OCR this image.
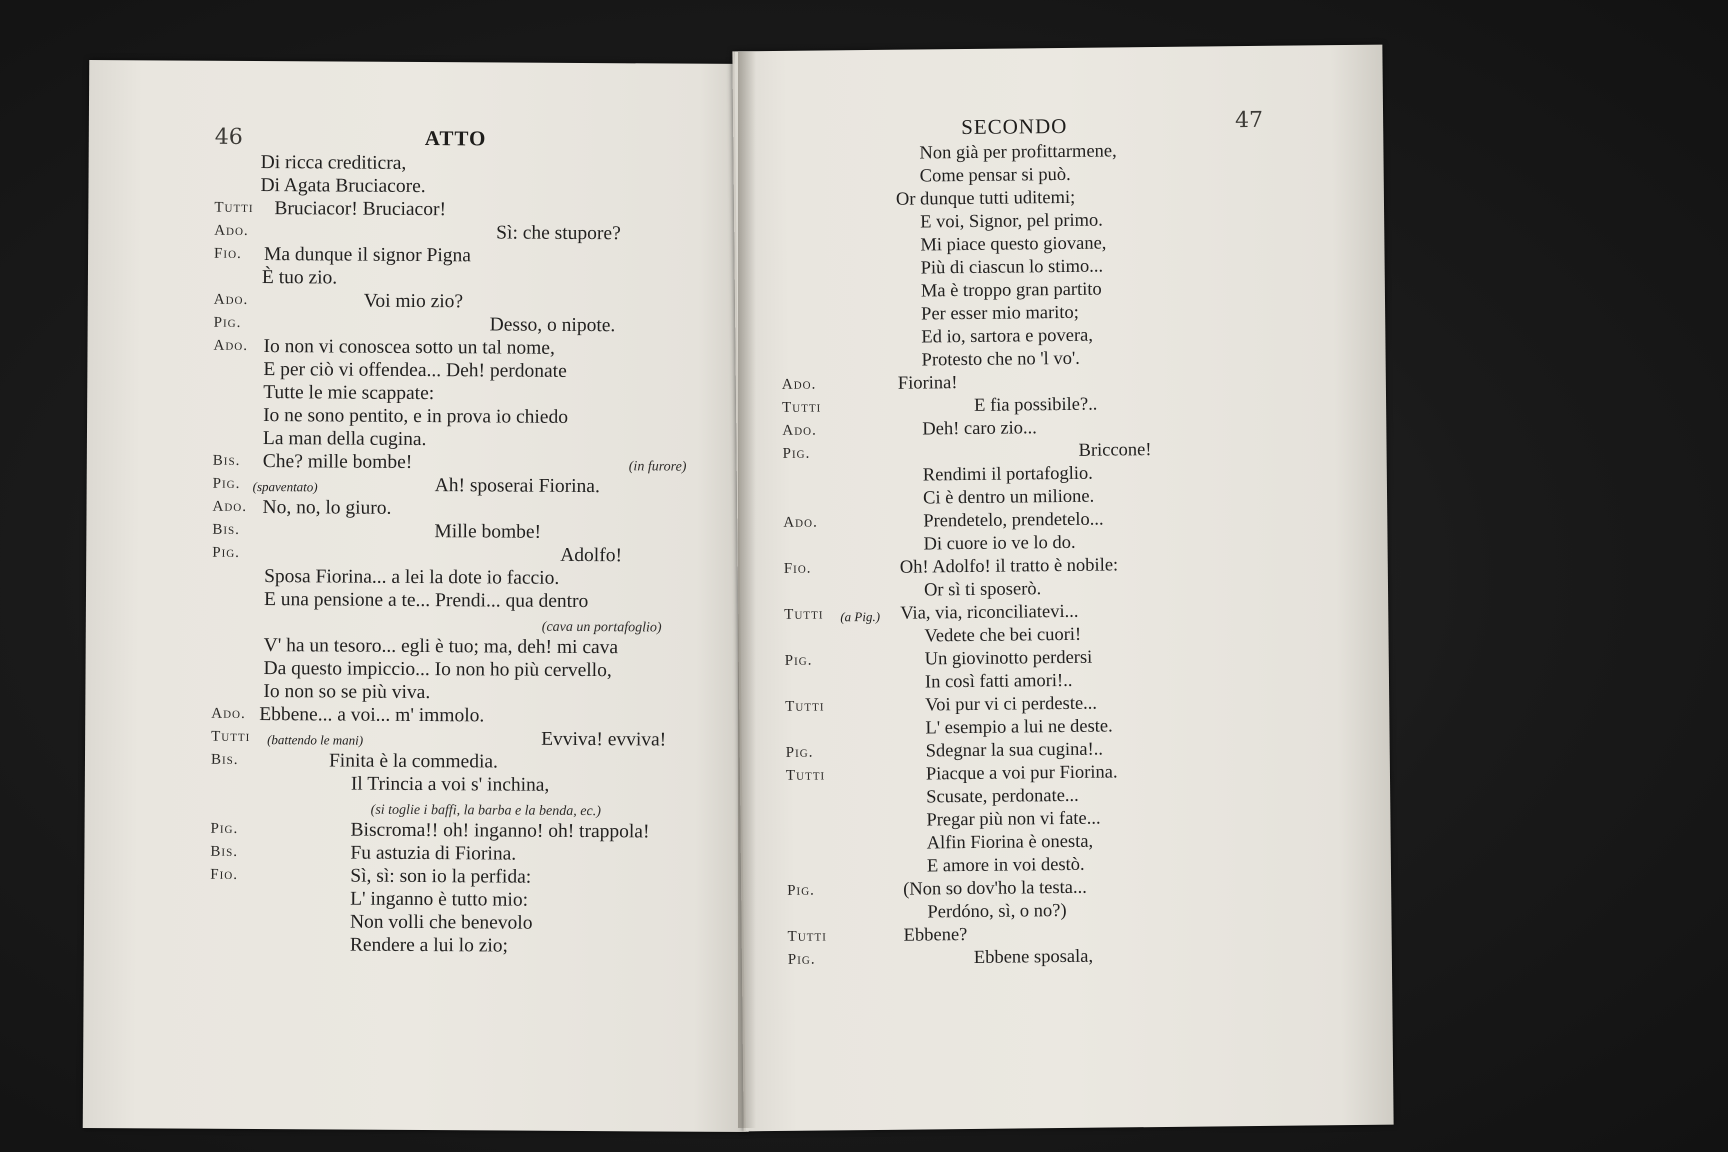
46	ATTO
Di ricca crediticra,
Di Agata Bruciacore.
Tutti Bruciacor! Bruciacor!
Ado.	Sì: che stupore?
Fio. Ma dunque il signor Pigna
È tuo zio.
Ado.	Voi mio zio?
Pig.	Desso, o nipote.
Ado. Io non vi conoscea sotto un tal nome,
E per ciò vi offendea... Deh! perdonate
Tutte le mie scappate:
Io ne sono pentito, e in prova io chiedo
La man della cugina.
Bis. Che? mille bombe!	(in furore)
Pig. (spaventato)	Ah! sposerai Fiorina.
Ado. No, no, lo giuro.
Bis.	Mille bombe!
Pig.	Adolfo!
Sposa Fiorina... a lei la dote io faccio.
E una pensione a te... Prendi... qua dentro
(cava un portafoglio)
V' ha un tesoro... egli è tuo; ma, deh! mi cava
Da questo impiccio... Io non ho più cervello,
Io non so se più viva.
Ado. Ebbene... a voi... m' immolo.
Tutti (battendo le mani)	Evviva! evviva!
Bis.	Finita è la commedia.
Il Trincia a voi s' inchina,
(si toglie i baffi, la barba e la benda, ec.)
Pig.	Biscroma!! oh! inganno! oh! trappola!
Bis.	Fu astuzia di Fiorina.
Fio.	Sì, sì: son io la perfida:
L' inganno è tutto mio:
Non volli che benevolo
Rendere a lui lo zio;
SECONDO	47
Non già per profittarmene,
Come pensar si può.
Or dunque tutti uditemi;
E voi, Signor, pel primo.
Mi piace questo giovane,
Più di ciascun lo stimo...
Ma è troppo gran partito
Per esser mio marito;
Ed io, sartora e povera,
Protesto che no 'l vo'.
Ado.	Fiorina!
Tutti	E fia possibile?..
Ado.	Deh! caro zio...
Pig.	Briccone!
Rendimi il portafoglio.
Ci è dentro un milione.
Ado.	Prendetelo, prendetelo...
Di cuore io ve lo do.
Fio.	Oh! Adolfo! il tratto è nobile:
Or sì ti sposerò.
Tutti (a Pig.) Via, via, riconciliatevi...
Vedete che bei cuori!
Pig.	Un giovinotto perdersi
In così fatti amori!..
Tutti	Voi pur vi ci perdeste...
L' esempio a lui ne deste.
Pig.	Sdegnar la sua cugina!..
Tutti	Piacque a voi pur Fiorina.
Scusate, perdonate...
Pregar più non vi fate...
Alfin Fiorina è onesta,
E amore in voi destò.
Pig.	(Non so dov'ho la testa...
Perdóno, sì, o no?)
Tutti	Ebbene?
Pig.	Ebbene sposala,
